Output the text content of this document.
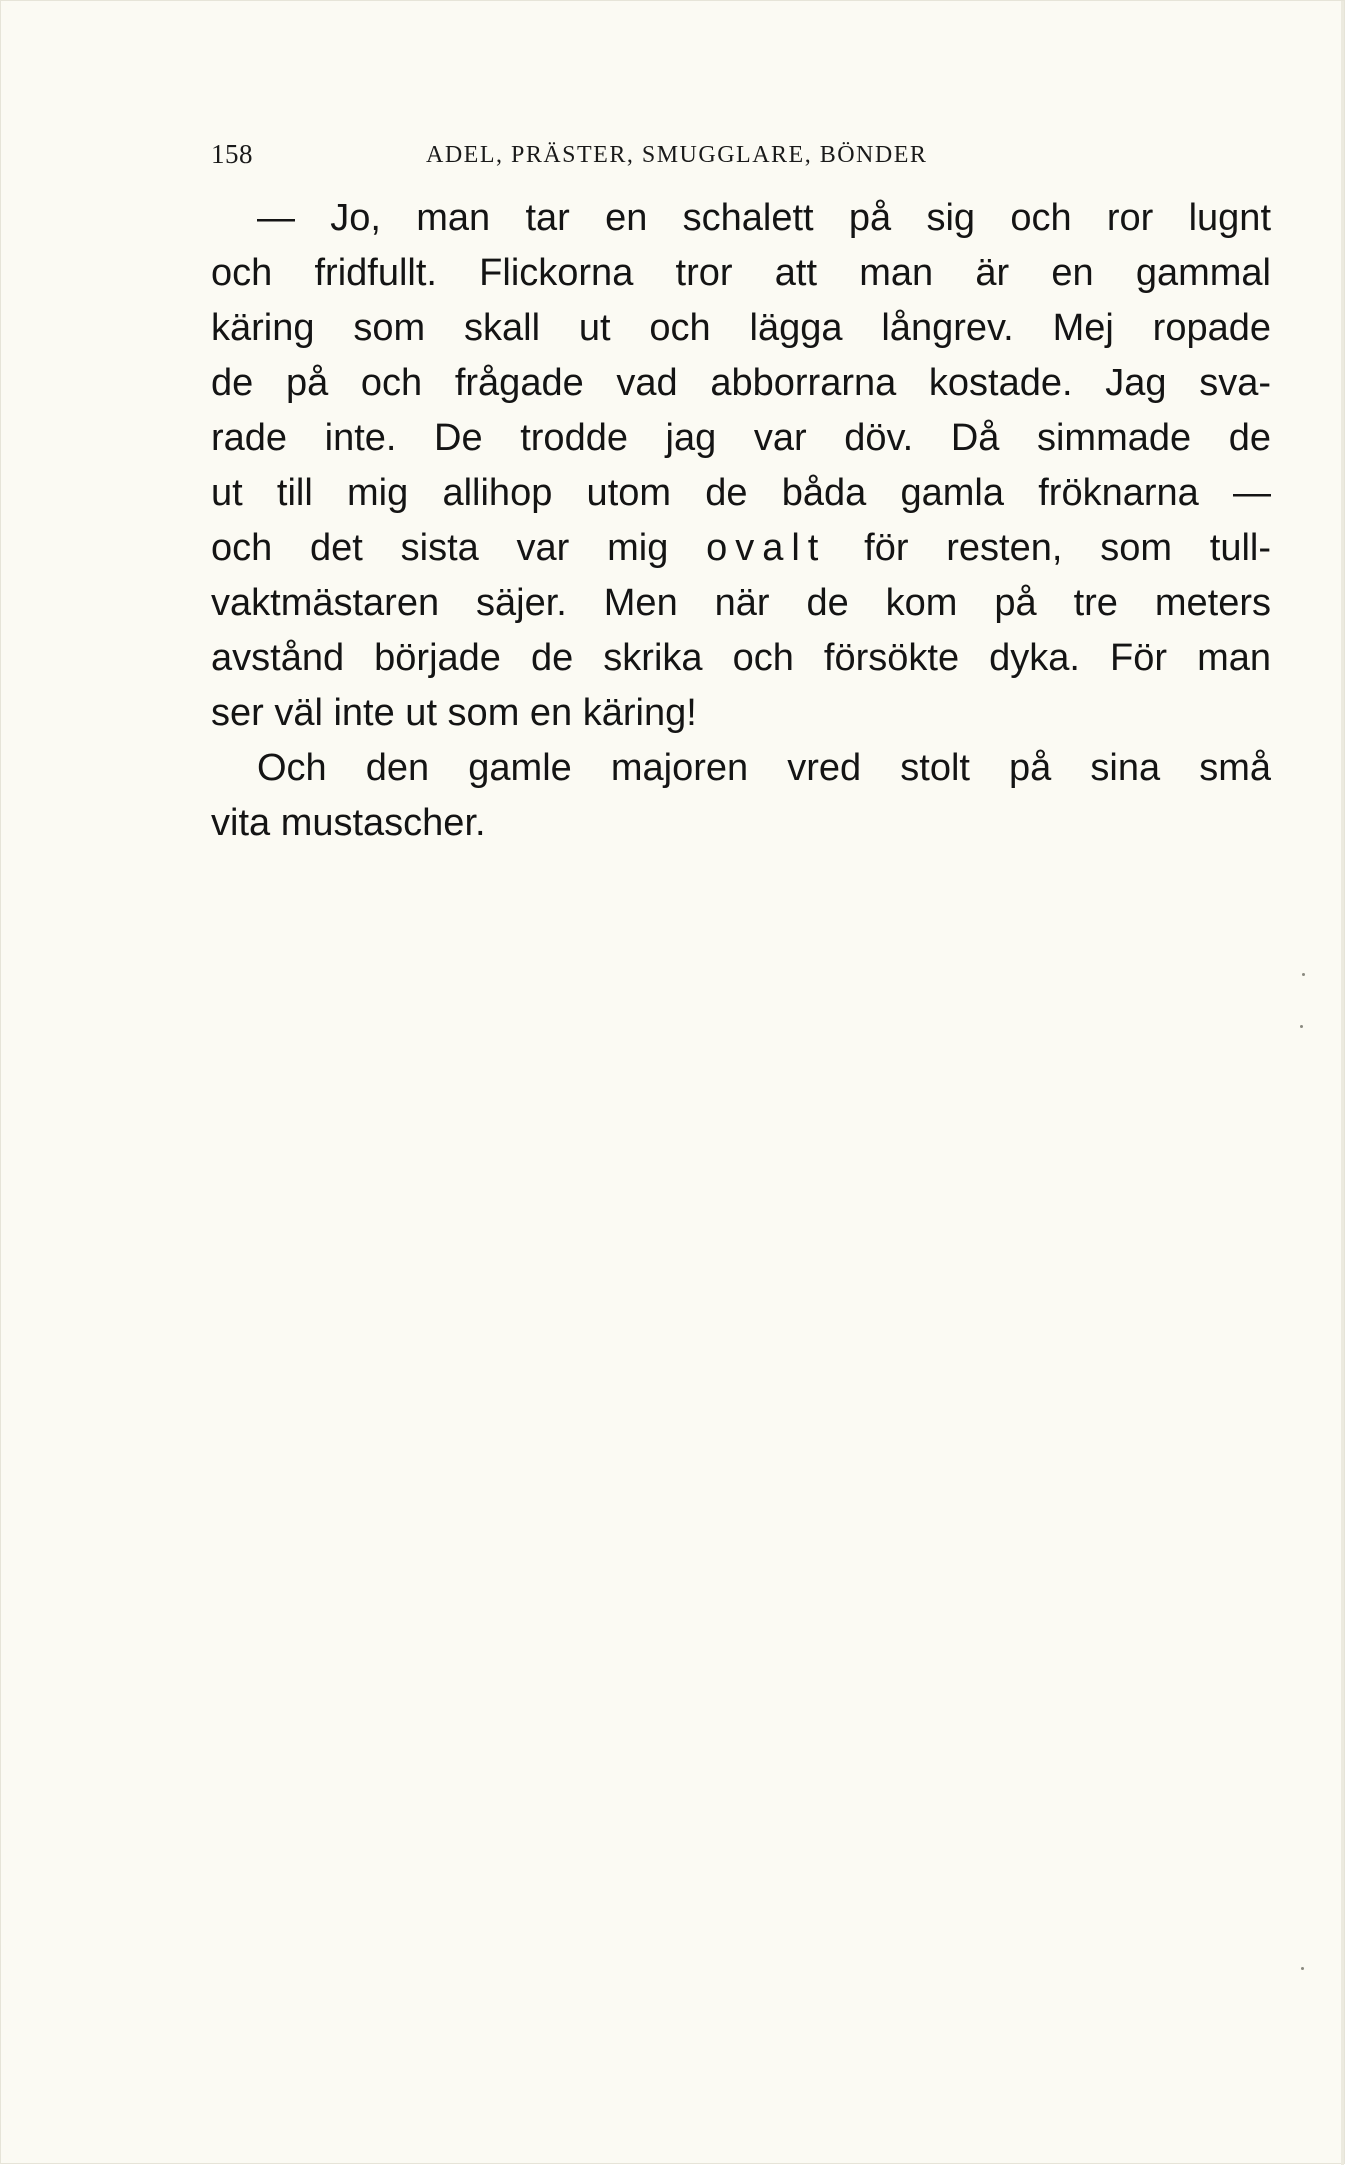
158	ADEL, PRÄSTER, SMUGGLARE, BÖNDER
— Jo, man tar en schalett på sig och ror lugnt
och fridfullt. Flickorna tror att man är en gammal
käring som skall ut och lägga långrev. Mej ropade
de på och frågade vad abborrarna kostade. Jag sva-
rade inte. De trodde jag var döv. Då simmade de
ut till mig allihop utom de båda gamla fröknarna —
och det sista var mig ovalt för resten, som tull-
vaktmästaren säjer. Men när de kom på tre meters
avstånd började de skrika och försökte dyka. För man
ser väl inte ut som en käring!
Och den gamle majoren vred stolt på sina små
vita mustascher.
